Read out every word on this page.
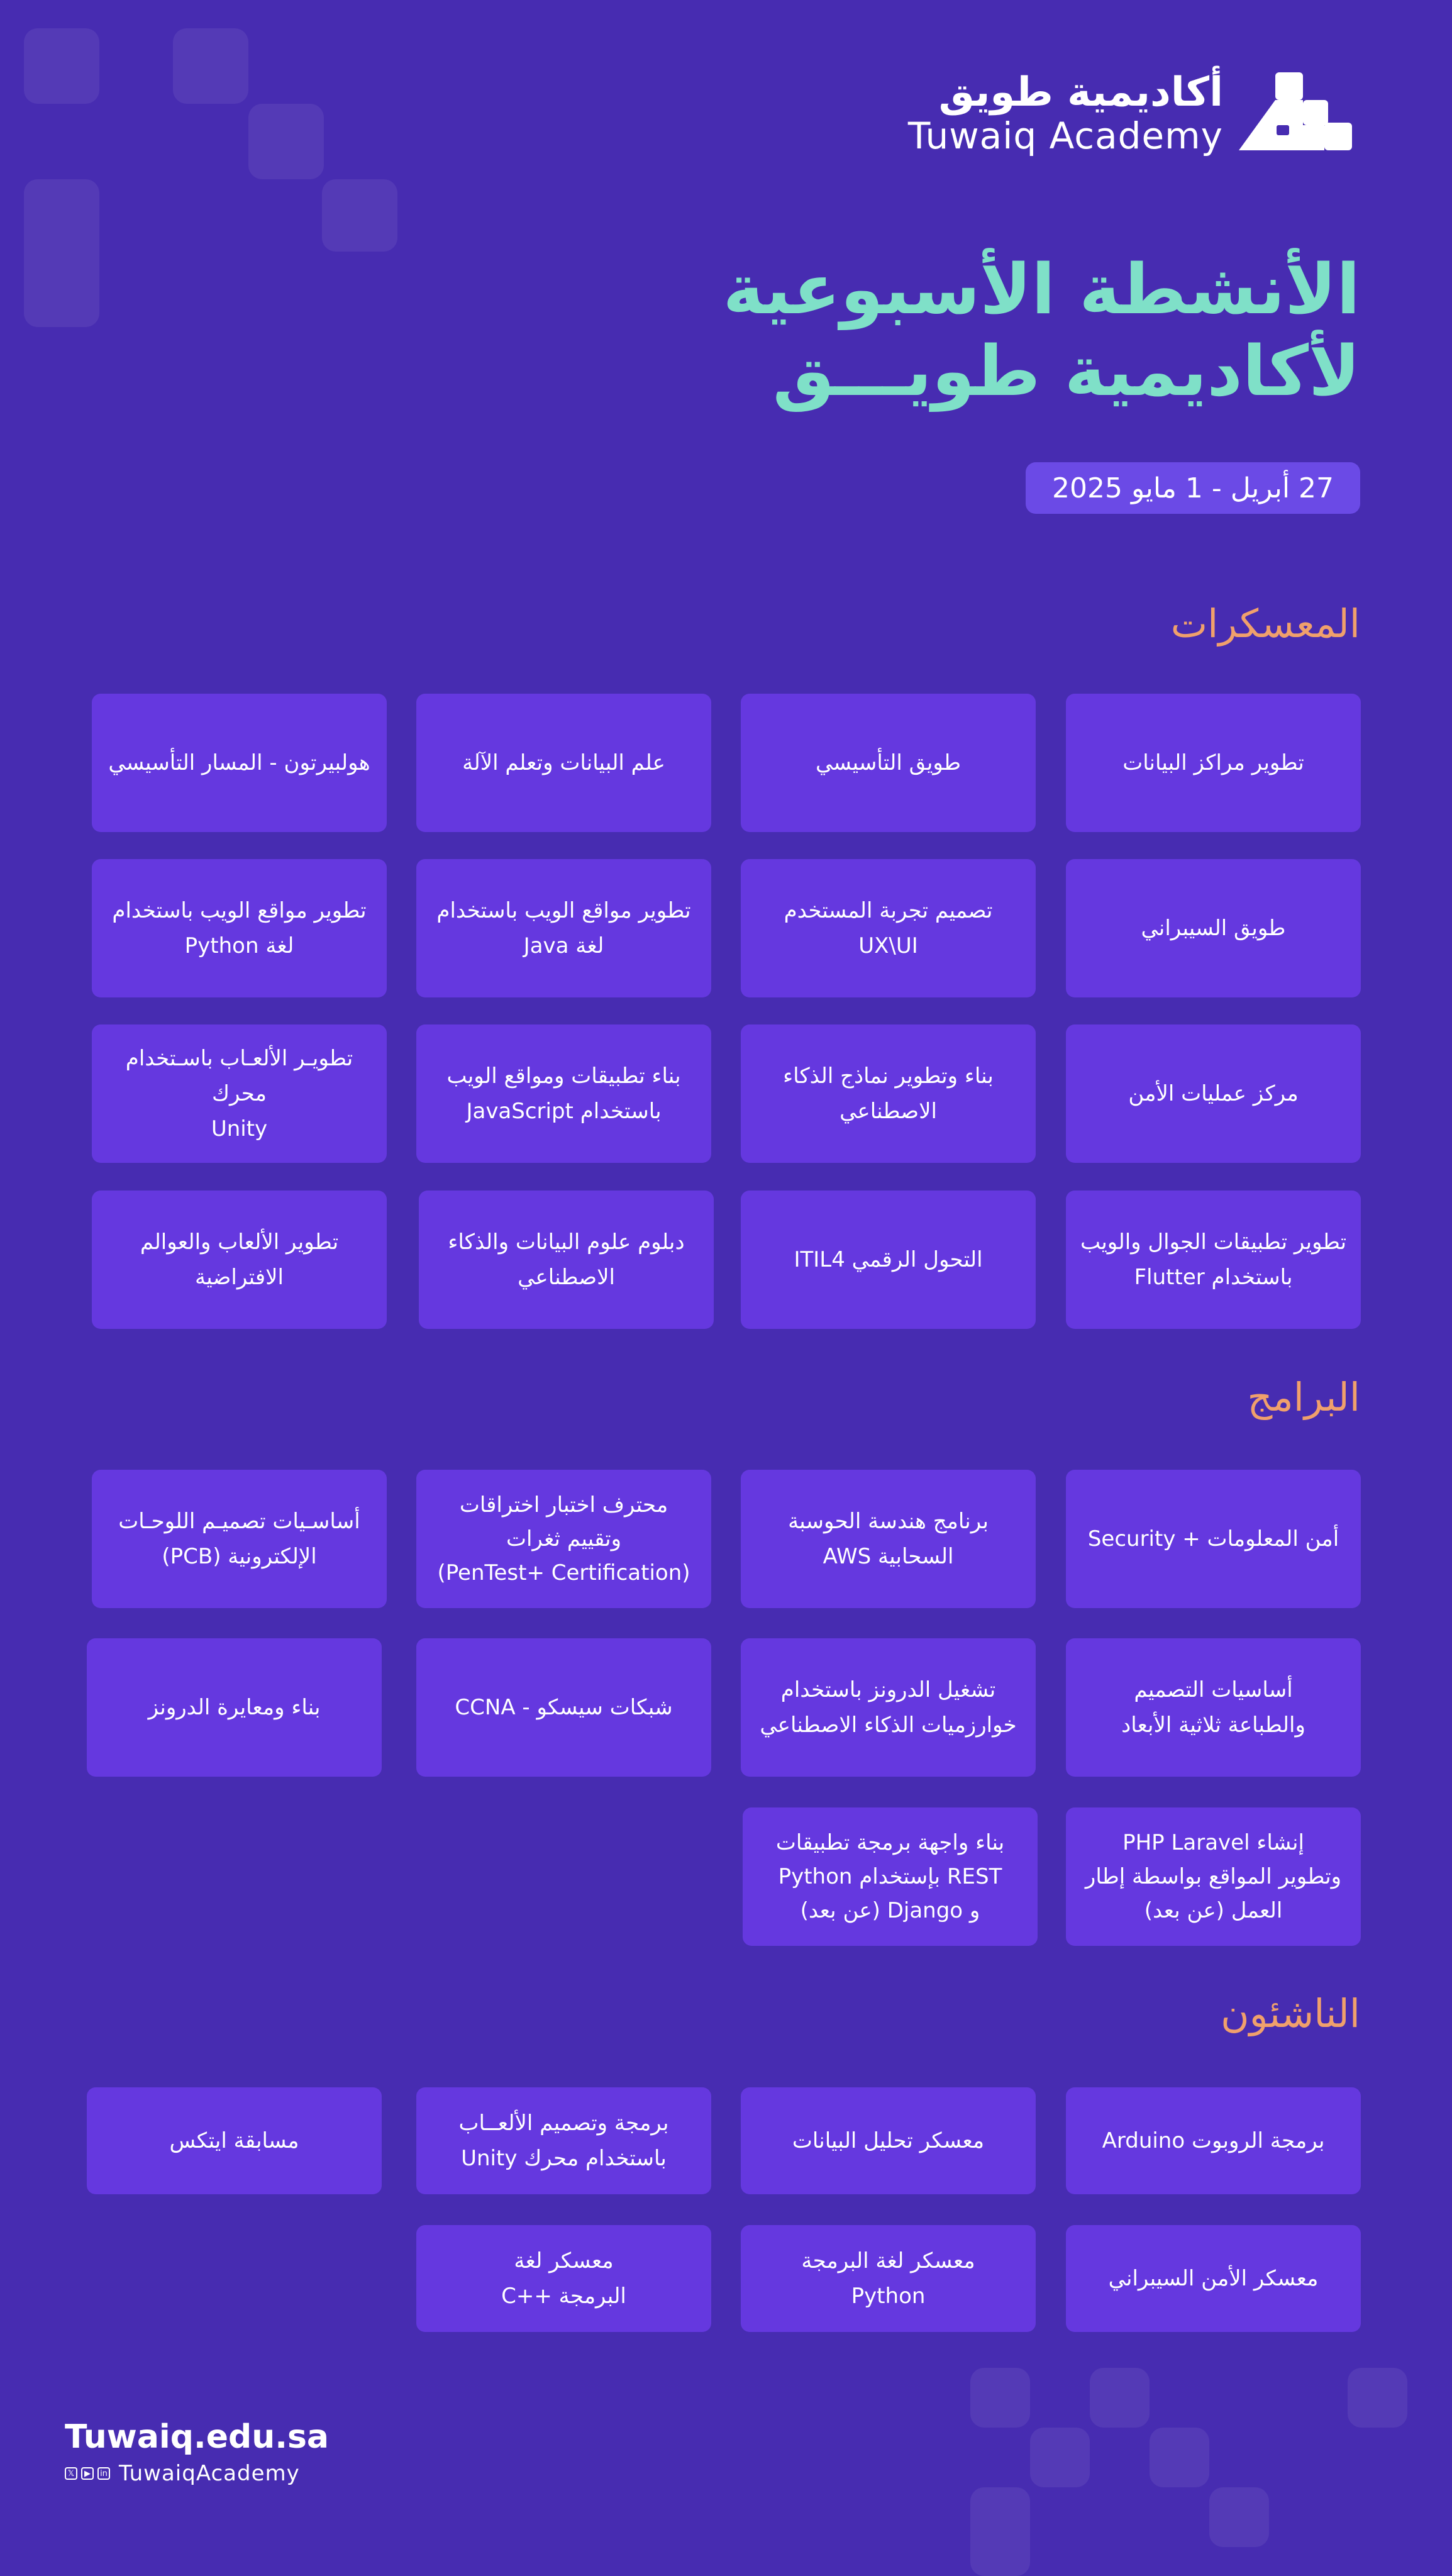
أكاديمية طويق
Tuwaiq Academy
الأنشطة الأسبوعية
لأكاديمية طويـــق
27 أبريل - 1 مايو 2025
المعسكرات
تطوير مراكز البيانات
طويق التأسيسي
علم البيانات وتعلم الآلة
هولبيرتون - المسار التأسيسي
طويق السيبراني
تصميم تجربة المستخدم UX\UI
تطوير مواقع الويب باستخدام لغة Java
تطوير مواقع الويب باستخدام
لغة Python
مركز عمليات الأمن
بناء وتطوير نماذج الذكاء
الاصطناعي
بناء تطبيقات ومواقع الويب
باستخدام JavaScript
تطويـر الألعـاب باسـتخدام محرك
Unity
تطوير تطبيقات الجوال والويب
باستخدام Flutter
التحول الرقمي ITIL4
دبلوم علوم البيانات والذكاء
الاصطناعي
تطوير الألعاب والعوالم الافتراضية
البرامج
أمن المعلومات + Security
برنامج هندسة الحوسبة
السحابية AWS
محترف اختبار اختراقات
وتقييم ثغرات
(PenTest+ Certification)
أساسـيات تصميـم اللوحـات
الإلكترونية (PCB)
أساسيات التصميم
والطباعة ثلاثية الأبعاد
تشغيل الدرونز باستخدام
خوارزميات الذكاء الاصطناعي
شبكات سيسكو - CCNA
بناء ومعايرة الدرونز
إنشاء PHP Laravel
وتطوير المواقع بواسطة إطار
العمل (عن بعد)
بناء واجهة برمجة تطبيقات
REST بإستخدام Python
و Django (عن بعد)
الناشئون
برمجة الروبوت Arduino
معسكر تحليل البيانات
برمجة وتصميم الألعــاب
باستخدام محرك Unity
مسابقة ايتكس
معسكر الأمن السيبراني
معسكر لغة البرمجة
Python
معسكر لغة
البرمجة ++C
Tuwaiq.edu.sa
𝕏	▶	in TuwaiqAcademy
